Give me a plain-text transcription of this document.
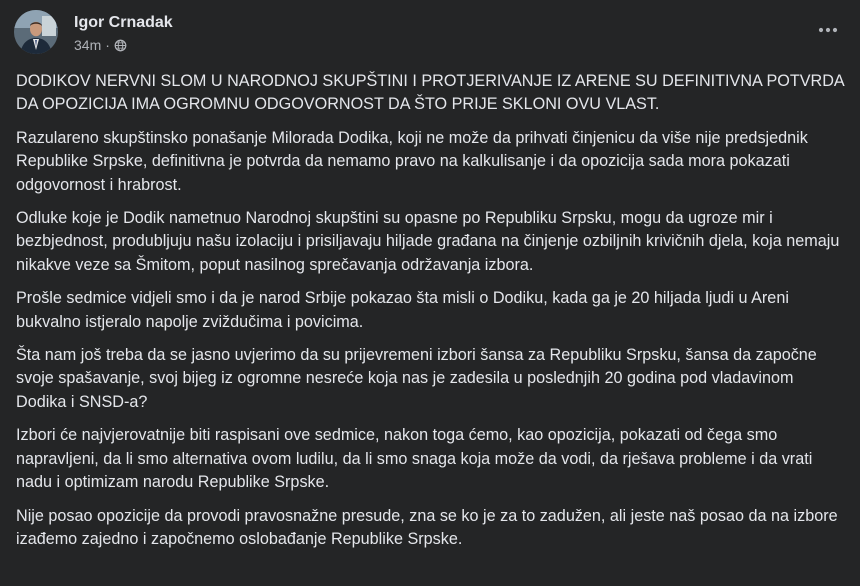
Igor Crnadak
34m ·

DODIKOV NERVNI SLOM U NARODNOJ SKUPŠTINI I PROTJERIVANJE IZ ARENE SU DEFINITIVNA POTVRDA DA OPOZICIJA IMA OGROMNU ODGOVORNOST DA ŠTO PRIJE SKLONI OVU VLAST.

Razulareno skupštinsko ponašanje Milorada Dodika, koji ne može da prihvati činjenicu da više nije predsjednik Republike Srpske, definitivna je potvrda da nemamo pravo na kalkulisanje i da opozicija sada mora pokazati odgovornost i hrabrost.

Odluke koje je Dodik nametnuo Narodnoj skupštini su opasne po Republiku Srpsku, mogu da ugroze mir i bezbjednost, produbljuju našu izolaciju i prisiljavaju hiljade građana na činjenje ozbiljnih krivičnih djela, koja nemaju nikakve veze sa Šmitom, poput nasilnog sprečavanja održavanja izbora.

Prošle sedmice vidjeli smo i da je narod Srbije pokazao šta misli o Dodiku, kada ga je 20 hiljada ljudi u Areni bukvalno istjeralo napolje zviždučima i povicima.

Šta nam još treba da se jasno uvjerimo da su prijevremeni izbori šansa za Republiku Srpsku, šansa da započne svoje spašavanje, svoj bijeg iz ogromne nesreće koja nas je zadesila u poslednjih 20 godina pod vladavinom Dodika i SNSD-a?

Izbori će najvjerovatnije biti raspisani ove sedmice, nakon toga ćemo, kao opozicija, pokazati od čega smo napravljeni, da li smo alternativa ovom ludilu, da li smo snaga koja može da vodi, da rješava probleme i da vrati nadu i optimizam narodu Republike Srpske.

Nije posao opozicije da provodi pravosnažne presude, zna se ko je za to zadužen, ali jeste naš posao da na izbore izađemo zajedno i započnemo oslobađanje Republike Srpske.
